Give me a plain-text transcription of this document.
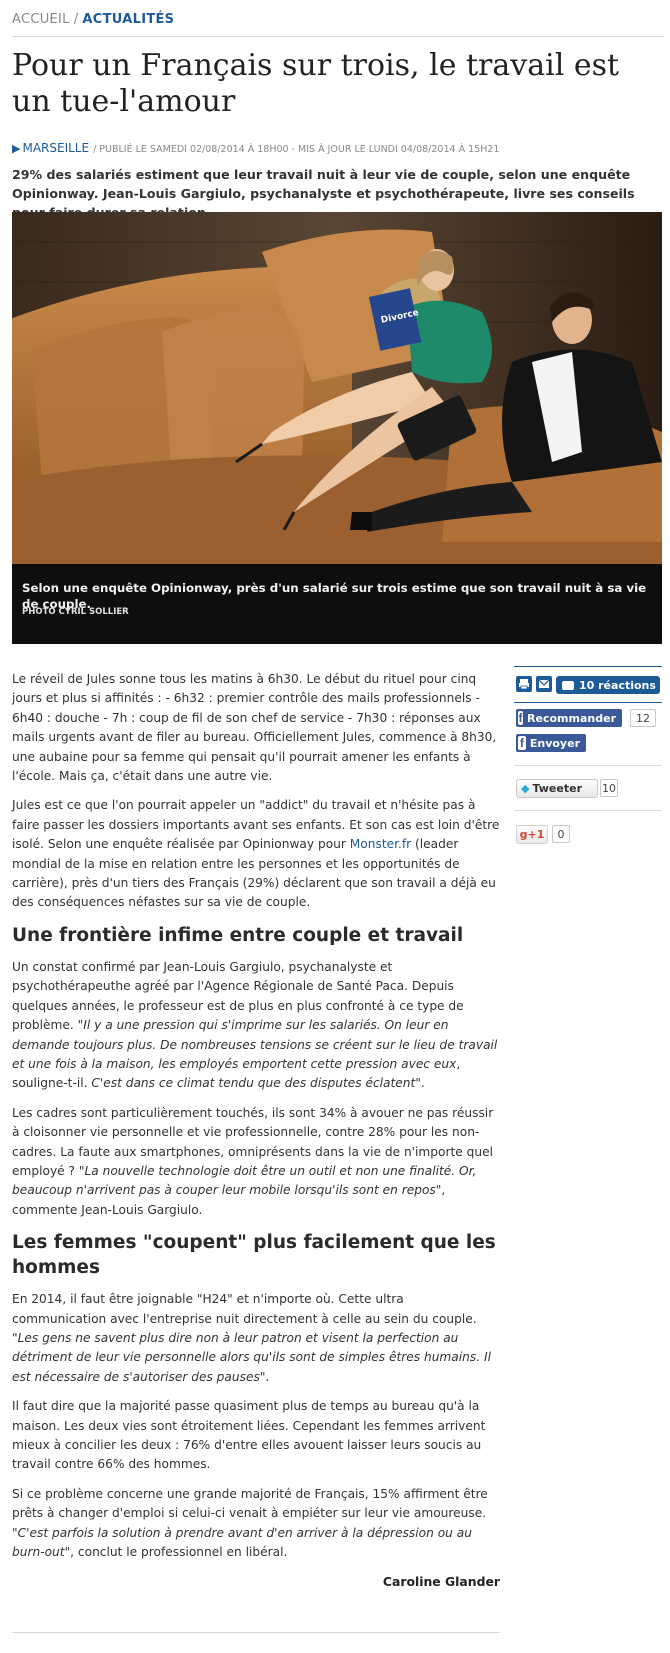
ACCUEIL / ACTUALITÉS
Pour un Français sur trois, le travail est un tue-l'amour
▶ MARSEILLE / PUBLIÉ LE SAMEDI 02/08/2014 À 18H00 - MIS À JOUR LE LUNDI 04/08/2014 À 15H21

29% des salariés estiment que leur travail nuit à leur vie de couple, selon une enquête Opinionway. Jean-Louis Gargiulo, psychanalyste et psychothérapeute, livre ses conseils

Divorce

Selon une enquête Opinionway, près d'un salarié sur trois estime que son travail nuit à sa vie de couple.

PHOTO CYRIL SOLLIER

10 réactions
f Recommander	12
f Envoyer
◆ Tweeter 10
g+1	0

Le réveil de Jules sonne tous les matins à 6h30. Le début du rituel pour cinq jours et plus si affinités : - 6h32 : premier contrôle des mails professionnels - 6h40 : douche - 7h : coup de fil de son chef de service - 7h30 : réponses aux mails urgents avant de filer au bureau. Officiellement Jules, commence à 8h30, une aubaine pour sa femme qui pensait qu'il pourrait amener les enfants à l'école. Mais ça, c'était dans une autre vie.

Jules est ce que l'on pourrait appeler un "addict" du travail et n'hésite pas à faire passer les dossiers importants avant ses enfants. Et son cas est loin d'être isolé. Selon une enquête réalisée par Opinionway pour Monster.fr (leader mondial de la mise en relation entre les personnes et les opportunités de carrière), près d'un tiers des Français (29%) déclarent que son travail a déjà eu des conséquences néfastes sur sa vie de couple.

Une frontière infime entre couple et travail

Un constat confirmé par Jean-Louis Gargiulo, psychanalyste et psychothérapeuthe agréé par l'Agence Régionale de Santé Paca. Depuis quelques années, le professeur est de plus en plus confronté à ce type de problème. "Il y a une pression qui s'imprime sur les salariés. On leur en demande toujours plus. De nombreuses tensions se créent sur le lieu de travail et une fois à la maison, les employés emportent cette pression avec eux, souligne-t-il. C'est dans ce climat tendu que des disputes éclatent".

Les cadres sont particulièrement touchés, ils sont 34% à avouer ne pas réussir à cloisonner vie personnelle et vie professionnelle, contre 28% pour les non-cadres. La faute aux smartphones, omniprésents dans la vie de n'importe quel employé ? "La nouvelle technologie doit être un outil et non une finalité. Or, beaucoup n'arrivent pas à couper leur mobile lorsqu'ils sont en repos", commente Jean-Louis Gargiulo.

Les femmes "coupent" plus facilement que les hommes

En 2014, il faut être joignable "H24" et n'importe où. Cette ultra communication avec l'entreprise nuit directement à celle au sein du couple. "Les gens ne savent plus dire non à leur patron et visent la perfection au détriment de leur vie personnelle alors qu'ils sont de simples êtres humains. Il est nécessaire de s'autoriser des pauses".

Il faut dire que la majorité passe quasiment plus de temps au bureau qu'à la maison. Les deux vies sont étroitement liées. Cependant les femmes arrivent mieux à concilier les deux : 76% d'entre elles avouent laisser leurs soucis au travail contre 66% des hommes.

Si ce problème concerne une grande majorité de Français, 15% affirment être prêts à changer d'emploi si celui-ci venait à empiéter sur leur vie amoureuse. "C'est parfois la solution à prendre avant d'en arriver à la dépression ou au burn-out", conclut le professionnel en libéral.

Caroline Glander
